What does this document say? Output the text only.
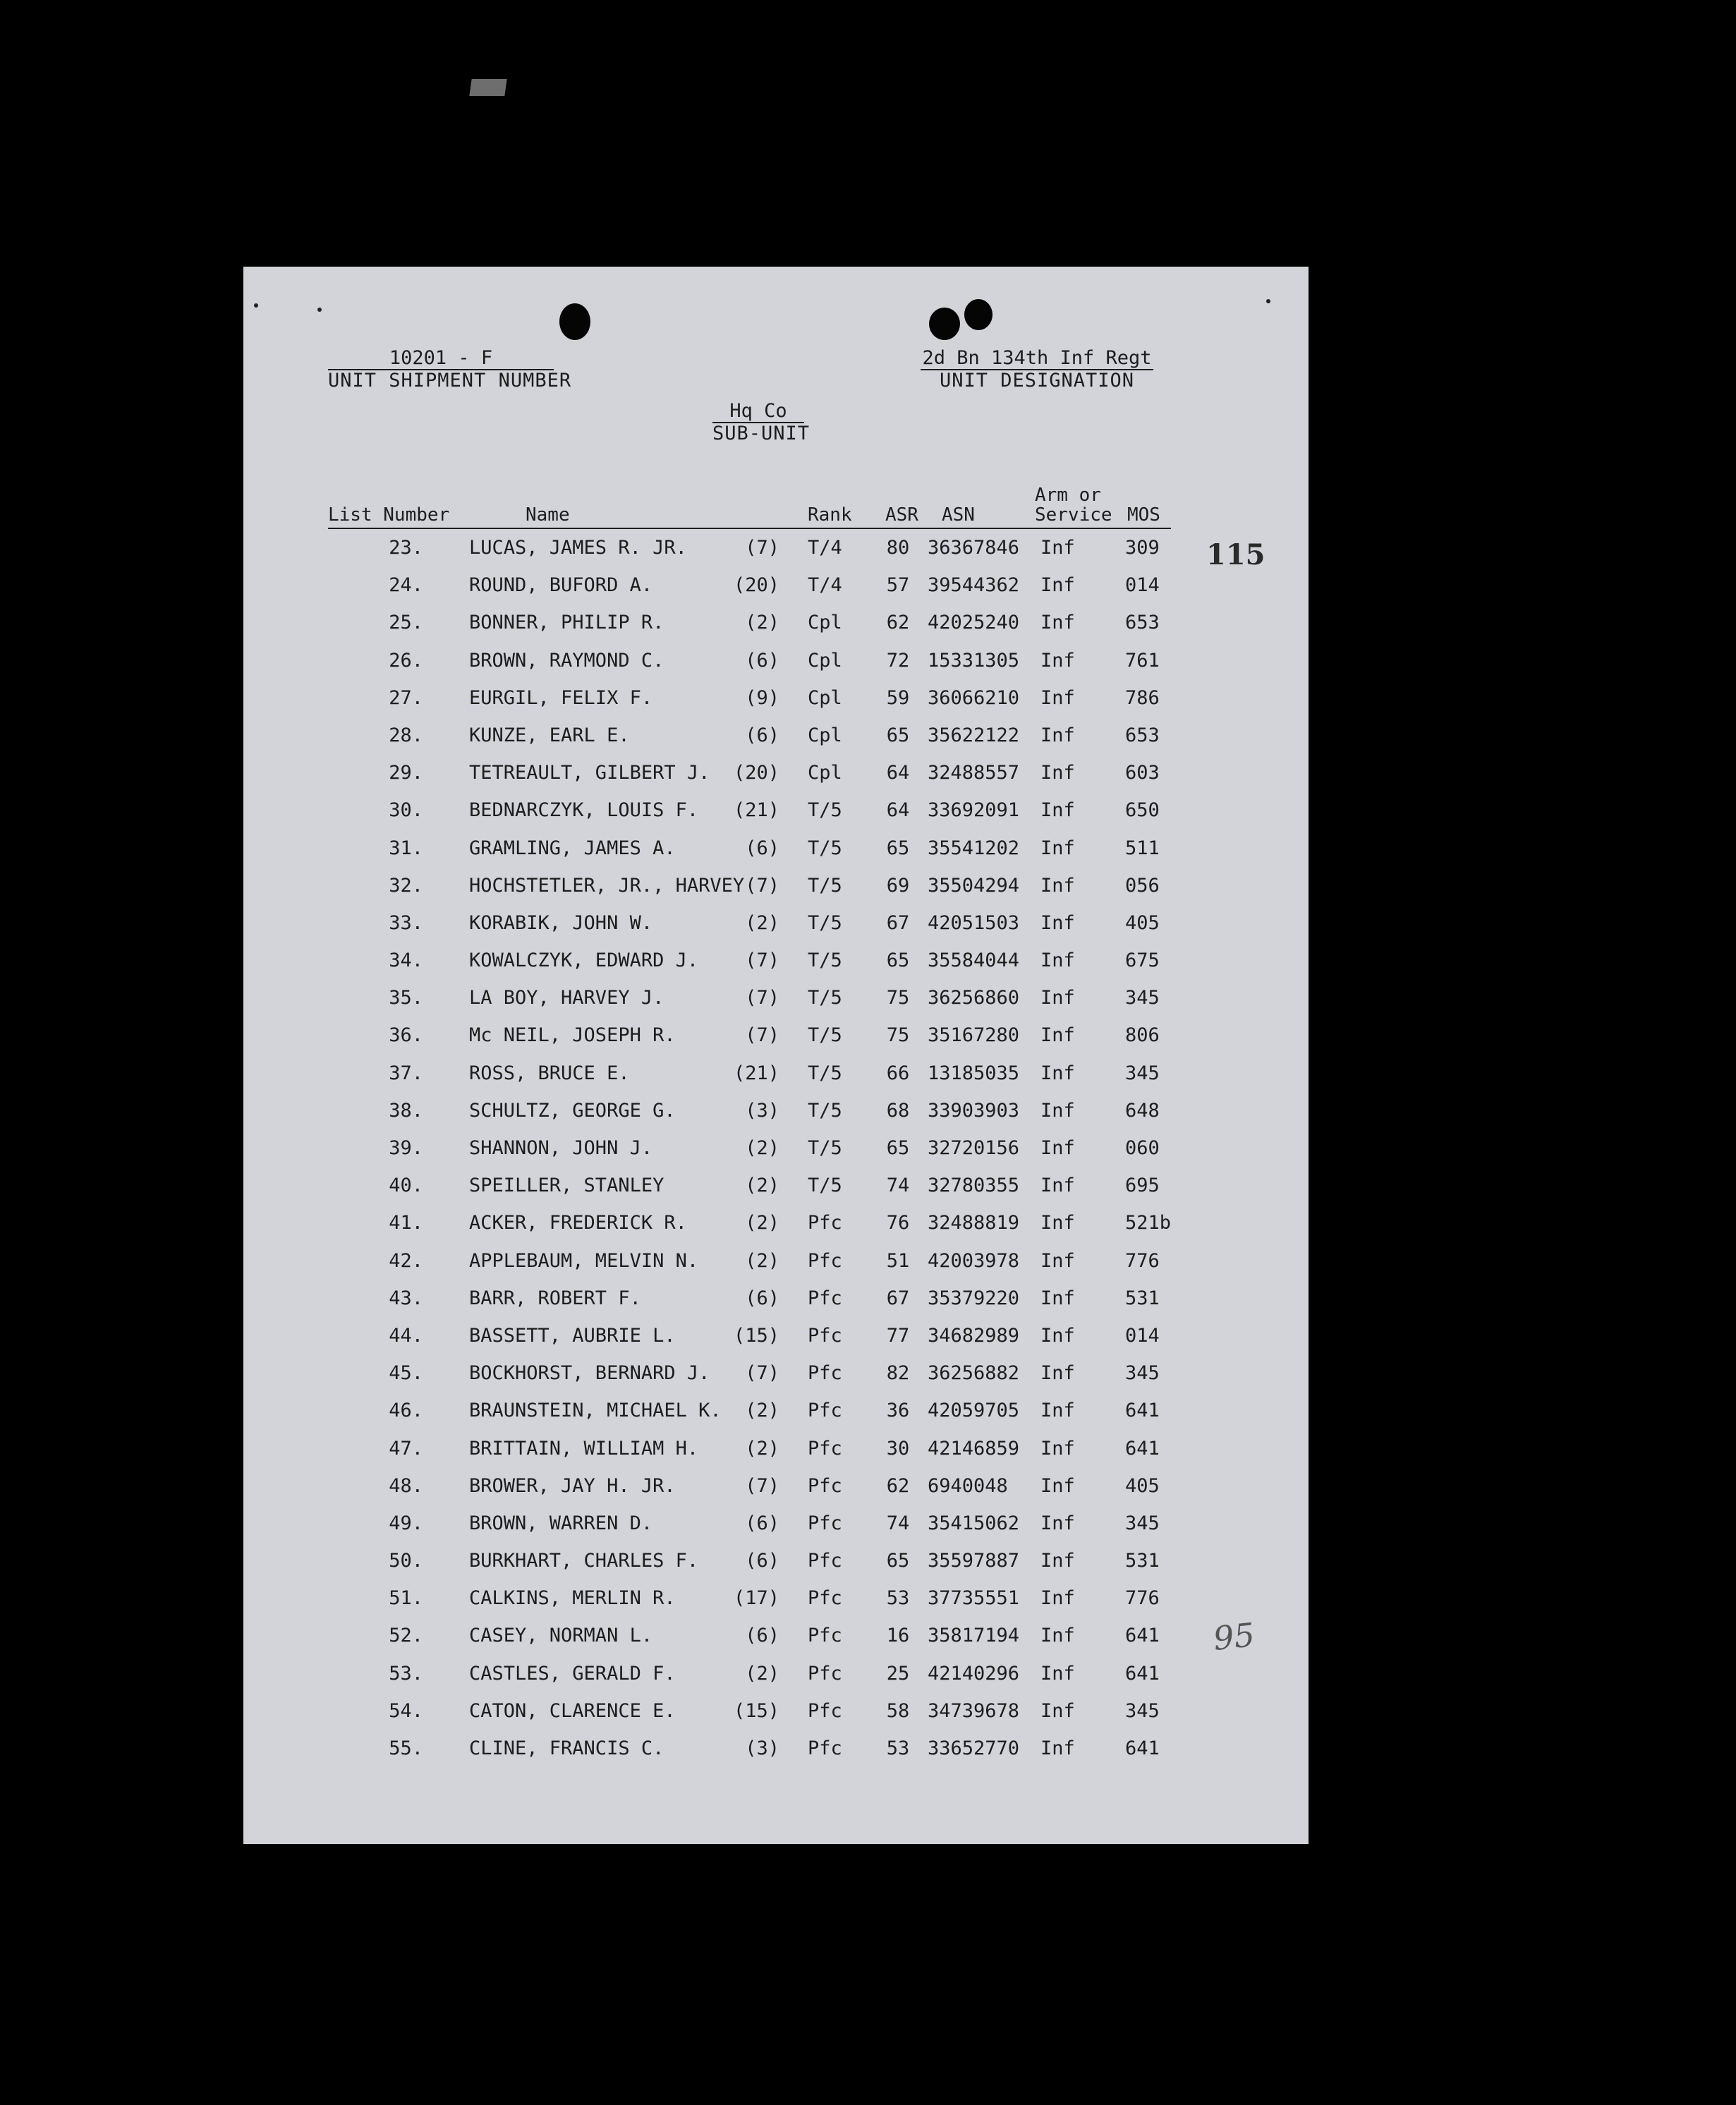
10201 - F
UNIT SHIPMENT NUMBER
2d Bn 134th Inf Regt
UNIT DESIGNATION
Hq Co
SUB-UNIT
List Number	Name	Rank ASR ASN
Arm or
Service MOS
23. LUCAS, JAMES R. JR.	(7) T/4	80 36367846 Inf	309
24. ROUND, BUFORD A.	(20) T/4	57 39544362 Inf	014
25. BONNER, PHILIP R.	(2) Cpl	62 42025240 Inf	653
26. BROWN, RAYMOND C.	(6) Cpl	72 15331305 Inf	761
27. EURGIL, FELIX F.	(9) Cpl	59 36066210 Inf	786
28. KUNZE, EARL E.	(6) Cpl	65 35622122 Inf	653
29. TETREAULT, GILBERT J.	(20) Cpl	64 32488557 Inf	603
30. BEDNARCZYK, LOUIS F.	(21) T/5	64 33692091 Inf	650
31. GRAMLING, JAMES A.	(6) T/5	65 35541202 Inf	511
32. HOCHSTETLER, JR., HARVEY (7) T/5	69 35504294 Inf	056
33. KORABIK, JOHN W.	(2) T/5	67 42051503 Inf	405
34. KOWALCZYK, EDWARD J.	(7) T/5	65 35584044 Inf	675
35. LA BOY, HARVEY J.	(7) T/5	75 36256860 Inf	345
36. Mc NEIL, JOSEPH R.	(7) T/5	75 35167280 Inf	806
37. ROSS, BRUCE E.	(21) T/5	66 13185035 Inf	345
38. SCHULTZ, GEORGE G.	(3) T/5	68 33903903 Inf	648
39. SHANNON, JOHN J.	(2) T/5	65 32720156 Inf	060
40. SPEILLER, STANLEY	(2) T/5	74 32780355 Inf	695
41. ACKER, FREDERICK R.	(2) Pfc	76 32488819 Inf	521b
42. APPLEBAUM, MELVIN N.	(2) Pfc	51 42003978 Inf	776
43. BARR, ROBERT F.	(6) Pfc	67 35379220 Inf	531
44. BASSETT, AUBRIE L.	(15) Pfc	77 34682989 Inf	014
45. BOCKHORST, BERNARD J.	(7) Pfc	82 36256882 Inf	345
46. BRAUNSTEIN, MICHAEL K.	(2) Pfc	36 42059705 Inf	641
47. BRITTAIN, WILLIAM H.	(2) Pfc	30 42146859 Inf	641
48. BROWER, JAY H. JR.	(7) Pfc	62 6940048 Inf	405
49. BROWN, WARREN D.	(6) Pfc	74 35415062 Inf	345
50. BURKHART, CHARLES F.	(6) Pfc	65 35597887 Inf	531
51. CALKINS, MERLIN R.	(17) Pfc	53 37735551 Inf	776
52. CASEY, NORMAN L.	(6) Pfc	16 35817194 Inf	641
53. CASTLES, GERALD F.	(2) Pfc	25 42140296 Inf	641
54. CATON, CLARENCE E.	(15) Pfc	58 34739678 Inf	345
55. CLINE, FRANCIS C.	(3) Pfc	53 33652770 Inf	641
115
95
